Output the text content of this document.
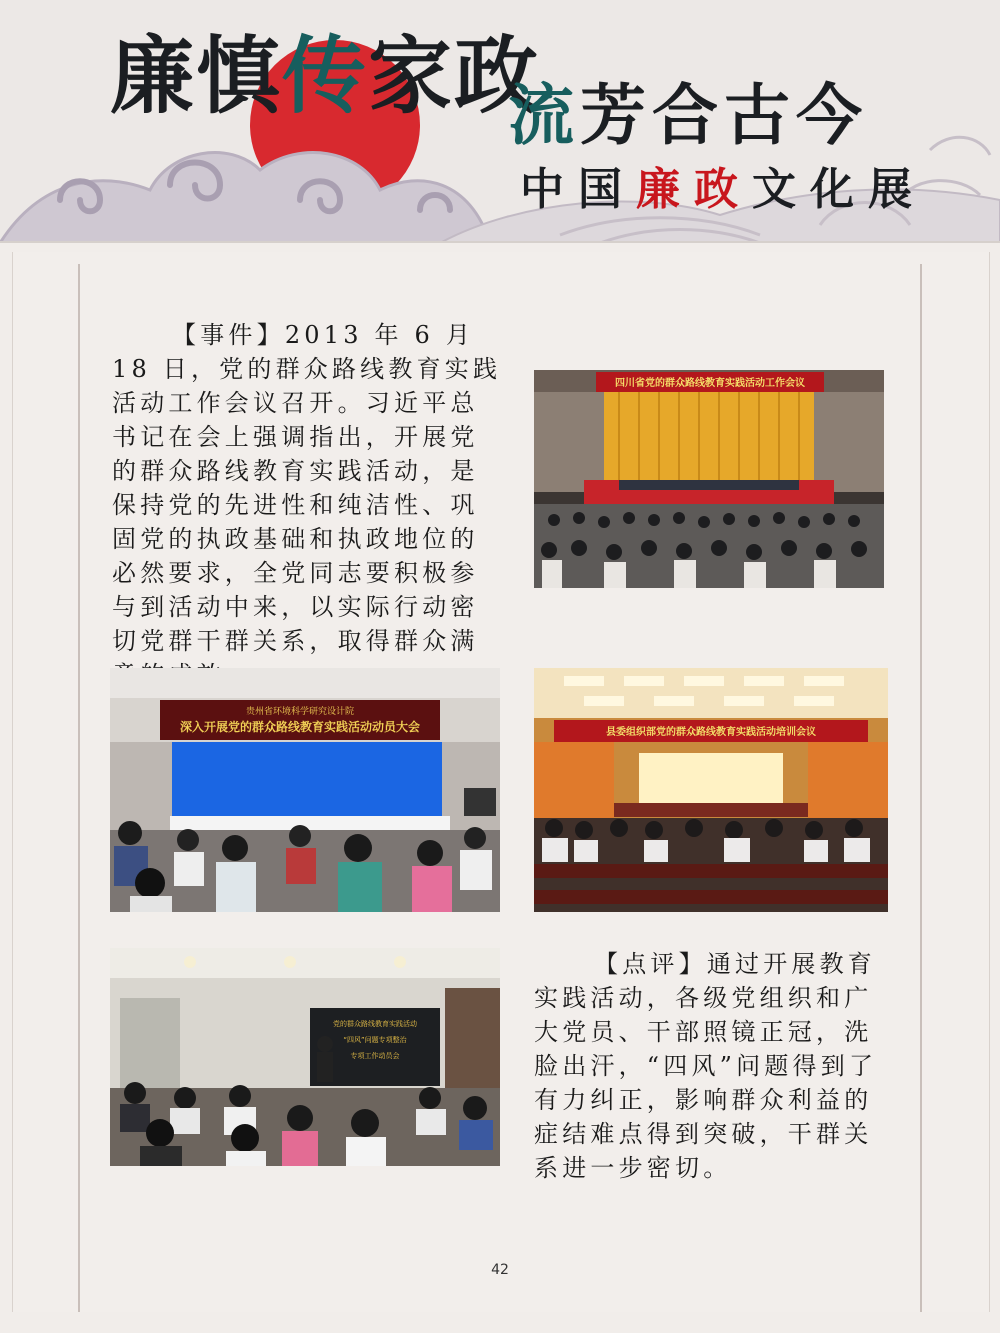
廉慎传家政
流芳合古今
中国廉政文化展

【事件】2013 年 6 月 18 日，党的群众路线教育实践活动工作会议召开。习近平总书记在会上强调指出，开展党的群众路线教育实践活动，是保持党的先进性和纯洁性、巩固党的执政基础和执政地位的必然要求，全党同志要积极参与到活动中来，以实际行动密切党群干群关系，取得群众满

四川省党的群众路线教育实践活动工作会议
贵州省环境科学研究设计院
深入开展党的群众路线教育实践活动动员大会	县委组织部党的群众路线教育实践活动培训会议
党的群众路线教育实践活动
“四风”问题专项整治
专项工作动员会

【点评】通过开展教育实践活动，各级党组织和广大党员、干部照镜正冠，洗脸出汗，“四风”问题得到了有力纠正，影响群众利益的症结难点得到突破，干群关系进一步密切。

42
